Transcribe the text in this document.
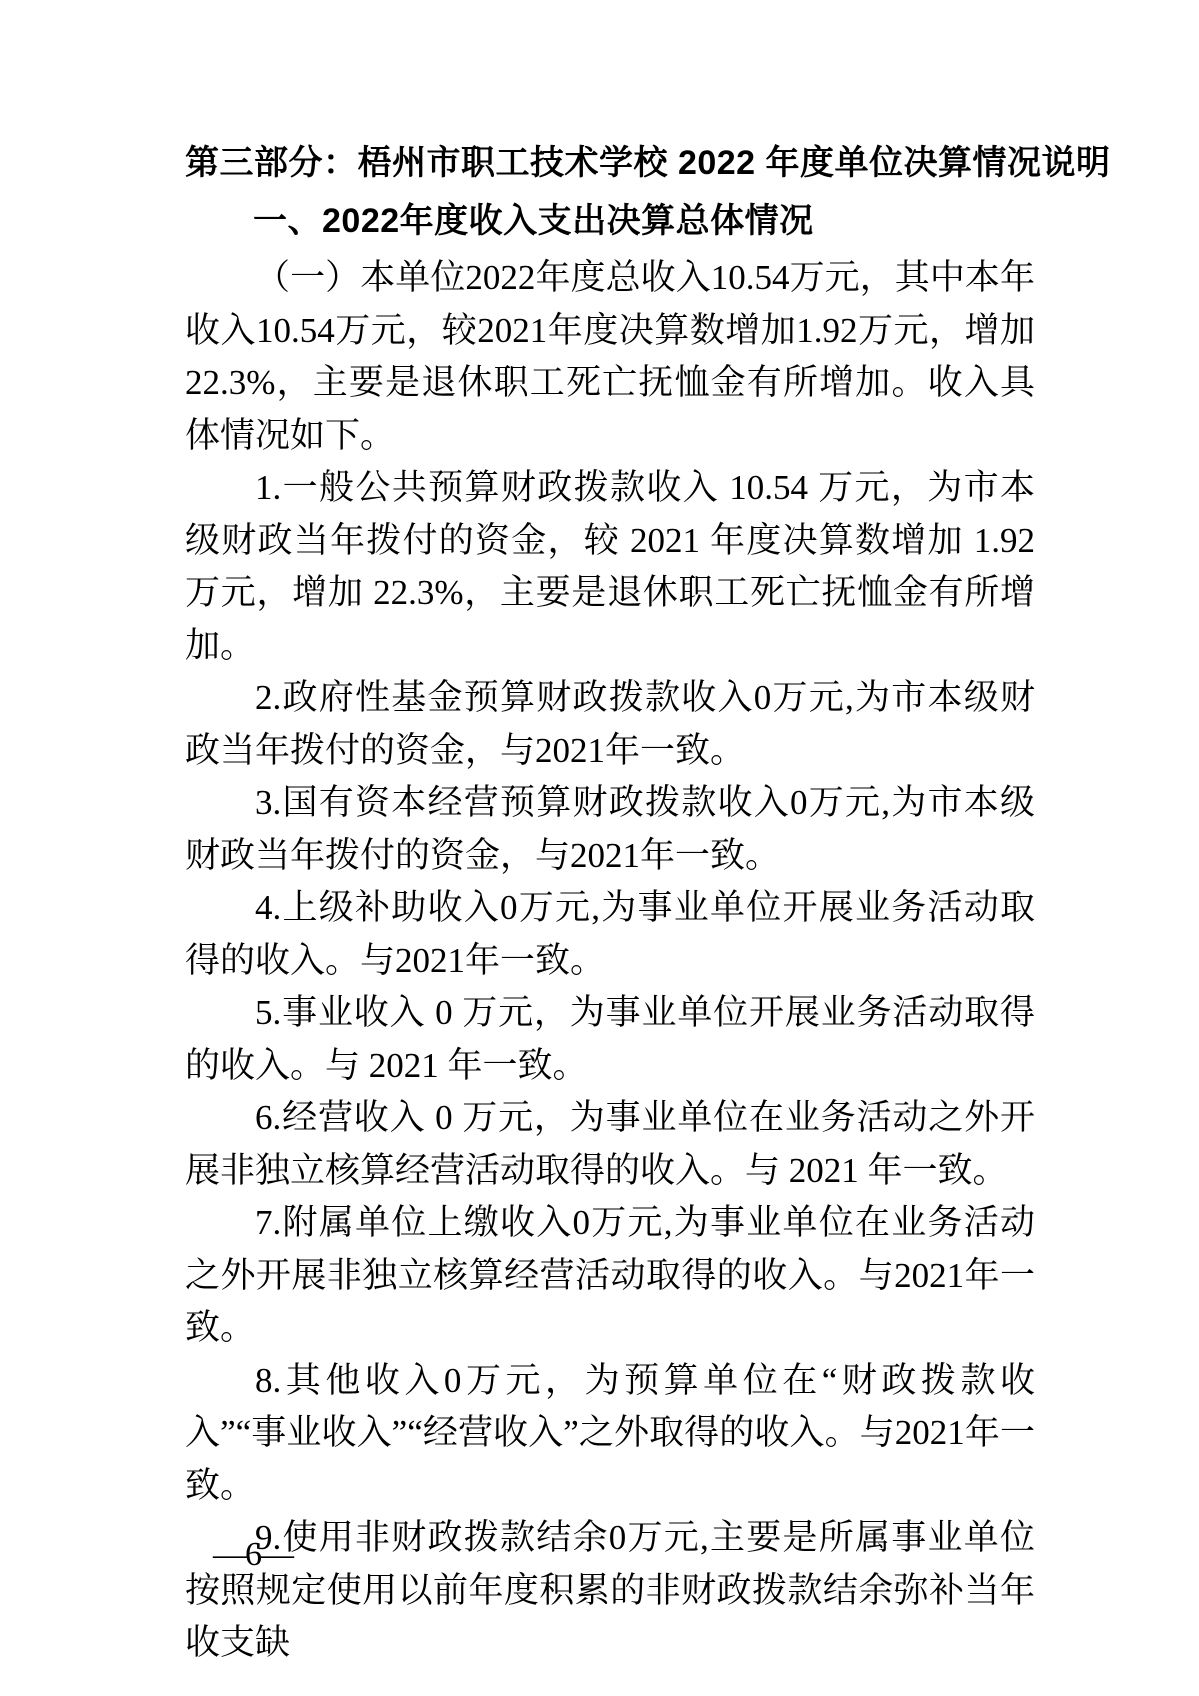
第三部分：梧州市职工技术学校 2022 年度单位决算情况说明
一、2022年度收入支出决算总体情况

（一）本单位2022年度总收入10.54万元，其中本年收入10.54万元，较2021年度决算数增加1.92万元，增加22.3%，主要是退休职工死亡抚恤金有所增加。收入具体情况如下。

1.一般公共预算财政拨款收入 10.54 万元，为市本级财政当年拨付的资金，较 2021 年度决算数增加 1.92 万元，增加 22.3%，主要是退休职工死亡抚恤金有所增加。

2.政府性基金预算财政拨款收入0万元,为市本级财政当年拨付的资金，与2021年一致。

3.国有资本经营预算财政拨款收入0万元,为市本级财政当年拨付的资金，与2021年一致。

4.上级补助收入0万元,为事业单位开展业务活动取得的收入。与2021年一致。

5.事业收入 0 万元，为事业单位开展业务活动取得的收入。与 2021 年一致。

6.经营收入 0 万元，为事业单位在业务活动之外开展非独立核算经营活动取得的收入。与 2021 年一致。

7.附属单位上缴收入0万元,为事业单位在业务活动之外开展非独立核算经营活动取得的收入。与2021年一致。

8.其他收入0万元，为预算单位在“财政拨款收入”“事业收入”“经营收入”之外取得的收入。与2021年一致。

9.使用非财政拨款结余0万元,主要是所属事业单位按照规定使用以前年度积累的非财政拨款结余弥补当年收支缺

—6—
